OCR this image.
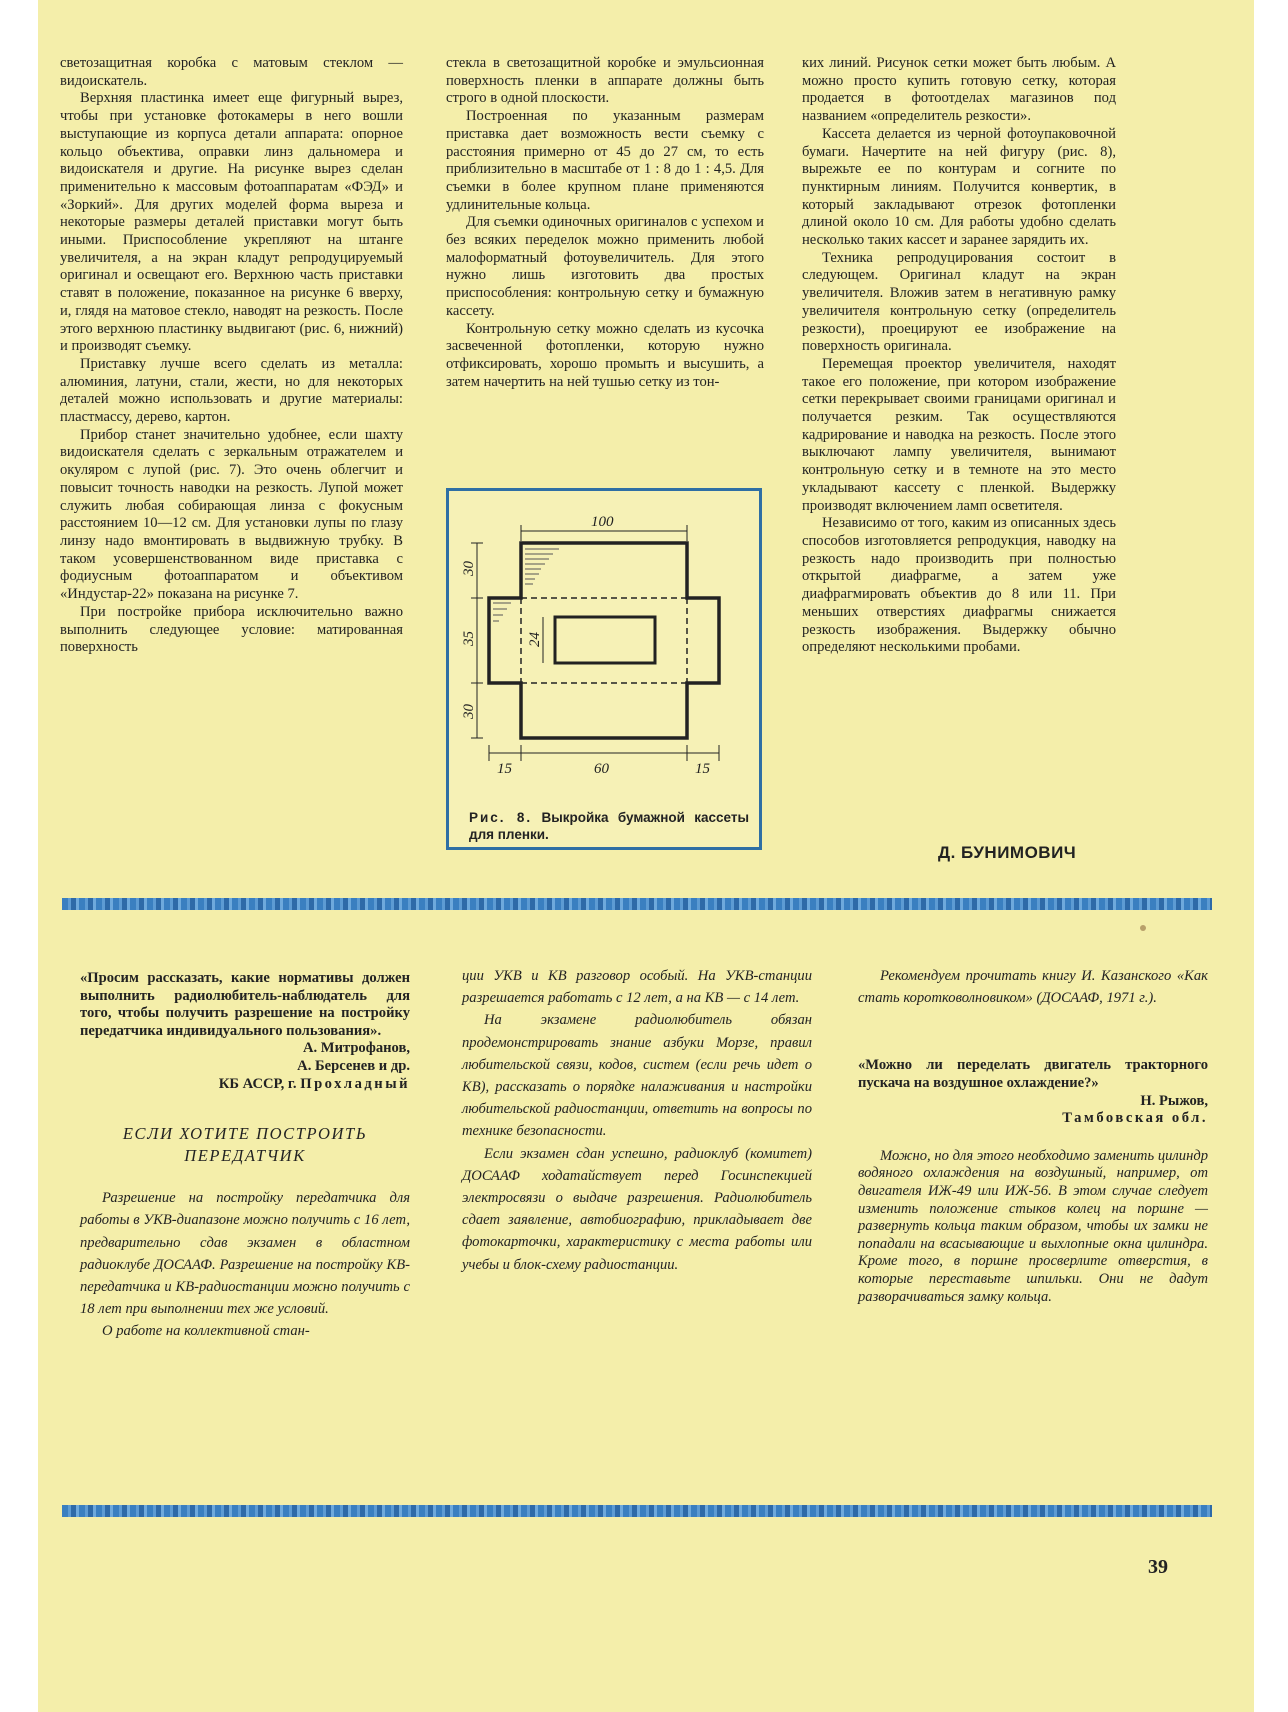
светозащитная коробка с матовым стеклом — видоискатель.

Верхняя пластинка имеет еще фигурный вырез, чтобы при установке фотокамеры в него вошли выступающие из корпуса детали аппарата: опорное кольцо объектива, оправки линз дальномера и видоискателя и другие. На рисунке вырез сделан применительно к массовым фотоаппаратам «ФЭД» и «Зоркий». Для других моделей форма выреза и некоторые размеры деталей приставки могут быть иными. Приспособление укрепляют на штанге увеличителя, а на экран кладут репродуцируемый оригинал и освещают его. Верхнюю часть приставки ставят в положение, показанное на рисунке 6 вверху, и, глядя на матовое стекло, наводят на резкость. После этого верхнюю пластинку выдвигают (рис. 6, нижний) и производят съемку.

Приставку лучше всего сделать из металла: алюминия, латуни, стали, жести, но для некоторых деталей можно использовать и другие материалы: пластмассу, дерево, картон.

Прибор станет значительно удобнее, если шахту видоискателя сделать с зеркальным отражателем и окуляром с лупой (рис. 7). Это очень облегчит и повысит точность наводки на резкость. Лупой может служить любая собирающая линза с фокусным расстоянием 10—12 см. Для установки лупы по глазу линзу надо вмонтировать в выдвижную трубку. В таком усовершенствованном виде приставка с фодиусным фотоаппаратом и объективом «Индустар-22» показана на рисунке 7.

При постройке прибора исключительно важно выполнить следующее условие: матированная поверхность

стекла в светозащитной коробке и эмульсионная поверхность пленки в аппарате должны быть строго в одной плоскости.

Построенная по указанным размерам приставка дает возможность вести съемку с расстояния примерно от 45 до 27 см, то есть приблизительно в масштабе от 1 : 8 до 1 : 4,5. Для съемки в более крупном плане применяются удлинительные кольца.

Для съемки одиночных оригиналов с успехом и без всяких переделок можно применить любой малоформатный фотоувеличитель. Для этого нужно лишь изготовить два простых приспособления: контрольную сетку и бумажную кассету.

Контрольную сетку можно сделать из кусочка засвеченной фотопленки, которую нужно отфиксировать, хорошо промыть и высушить, а затем начертить на ней тушью сетку из тон-

100
30
35
30
24
15	60	15
Рис. 8. Выкройка бумажной кассеты для пленки.

ких линий. Рисунок сетки может быть любым. А можно просто купить готовую сетку, которая продается в фотоотделах магазинов под названием «определитель резкости».

Кассета делается из черной фотоупаковочной бумаги. Начертите на ней фигуру (рис. 8), вырежьте ее по контурам и согните по пунктирным линиям. Получится конвертик, в который закладывают отрезок фотопленки длиной около 10 см. Для работы удобно сделать несколько таких кассет и заранее зарядить их.

Техника репродуцирования состоит в следующем. Оригинал кладут на экран увеличителя. Вложив затем в негативную рамку увеличителя контрольную сетку (определитель резкости), проецируют ее изображение на поверхность оригинала.

Перемещая проектор увеличителя, находят такое его положение, при котором изображение сетки перекрывает своими границами оригинал и получается резким. Так осуществляются кадрирование и наводка на резкость. После этого выключают лампу увеличителя, вынимают контрольную сетку и в темноте на это место укладывают кассету с пленкой. Выдержку производят включением ламп осветителя.

Независимо от того, каким из описанных здесь способов изготовляется репродукция, наводку на резкость надо производить при полностью открытой диафрагме, а затем уже диафрагмировать объектив до 8 или 11. При меньших отверстиях диафрагмы снижается резкость изображения. Выдержку обычно определяют несколькими пробами.

Д. БУНИМОВИЧ

«Просим рассказать, какие нормативы должен выполнить радиолюбитель-наблюдатель для того, чтобы получить разрешение на постройку передатчика индивидуального пользования».

А. Митрофанов,

А. Берсенев и др.

КБ АССР, г. Прохладный

ЕСЛИ ХОТИТЕ ПОСТРОИТЬ ПЕРЕДАТЧИК

Разрешение на постройку передатчика для работы в УКВ-диапазоне можно получить с 16 лет, предварительно сдав экзамен в областном радиоклубе ДОСААФ. Разрешение на постройку КВ-передатчика и КВ-радиостанции можно получить с 18 лет при выполнении тех же условий.

О работе на коллективной стан-

ции УКВ и КВ разговор особый. На УКВ-станции разрешается работать с 12 лет, а на КВ — с 14 лет.

На экзамене радиолюбитель обязан продемонстрировать знание азбуки Морзе, правил любительской связи, кодов, систем (если речь идет о КВ), рассказать о порядке налаживания и настройки любительской радиостанции, ответить на вопросы по технике безопасности.

Если экзамен сдан успешно, радиоклуб (комитет) ДОСААФ ходатайствует перед Госинспекцией электросвязи о выдаче разрешения. Радиолюбитель сдает заявление, автобиографию, прикладывает две фотокарточки, характеристику с места работы или учебы и блок-схему радиостанции.

Рекомендуем прочитать книгу И. Казанского «Как стать коротковолновиком» (ДОСААФ, 1971 г.).

«Можно ли переделать двигатель тракторного пускача на воздушное охлаждение?»

Н. Рыжов,

Тамбовская обл.

Можно, но для этого необходимо заменить цилиндр водяного охлаждения на воздушный, например, от двигателя ИЖ-49 или ИЖ-56. В этом случае следует изменить положение стыков колец на поршне — развернуть кольца таким образом, чтобы их замки не попадали на всасывающие и выхлопные окна цилиндра. Кроме того, в поршне просверлите отверстия, в которые переставьте шпильки. Они не дадут разворачиваться замку кольца.

39
